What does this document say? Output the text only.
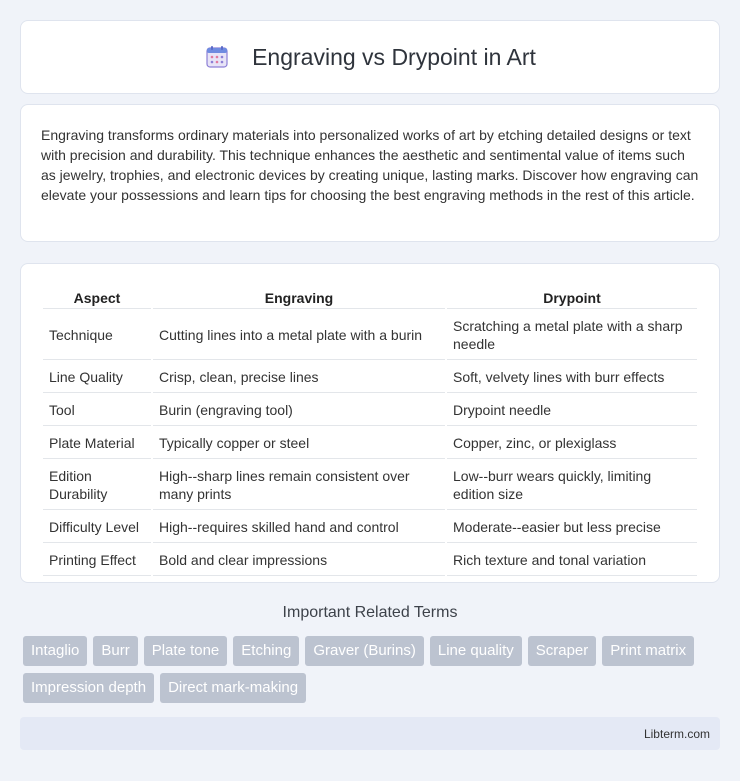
Engraving vs Drypoint in Art

Engraving transforms ordinary materials into personalized works of art by etching detailed designs or text with precision and durability. This technique enhances the aesthetic and sentimental value of items such as jewelry, trophies, and electronic devices by creating unique, lasting marks. Discover how engraving can elevate your possessions and learn tips for choosing the best engraving methods in the rest of this article.

Aspect	Engraving	Drypoint
Technique	Cutting lines into a metal plate with a burin	Scratching a metal plate with a sharp needle
Line Quality	Crisp, clean, precise lines	Soft, velvety lines with burr effects
Tool	Burin (engraving tool)	Drypoint needle
Plate Material	Typically copper or steel	Copper, zinc, or plexiglass
Edition Durability	High--sharp lines remain consistent over many prints	Low--burr wears quickly, limiting edition size
Difficulty Level	High--requires skilled hand and control	Moderate--easier but less precise
Printing Effect	Bold and clear impressions	Rich texture and tonal variation
Important Related Terms
Intaglio	Burr	Plate tone	Etching	Graver (Burins)	Line quality	Scraper	Print matrix
Impression depth	Direct mark-making
Libterm.com
